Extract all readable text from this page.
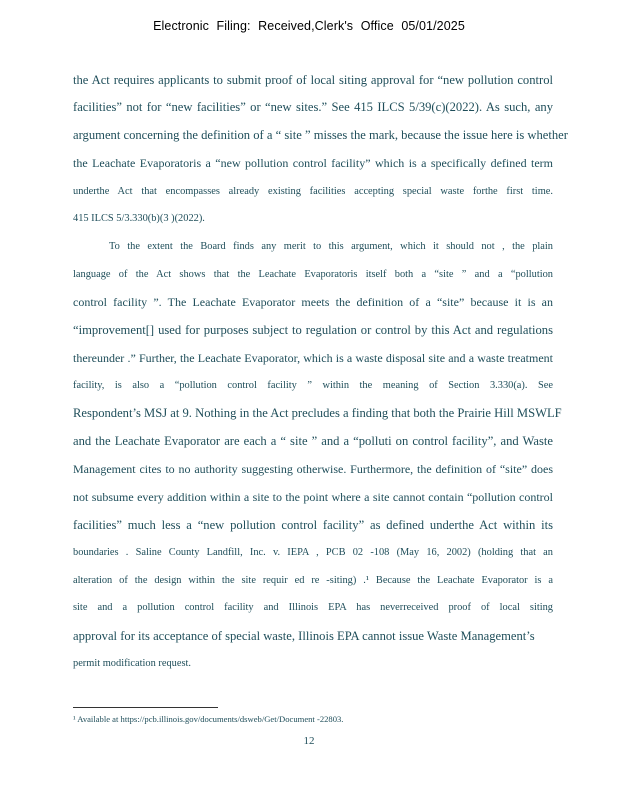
Electronic Filing: Received,Clerk's Office 05/01/2025
the Act requires applicants to submit proof of local siting approval for “new pollution control
facilities” not for “new facilities” or “new sites.” See 415 ILCS 5/39(c)(2022). As such, any
argument concerning the definition of a “ site ” misses the mark, because the issue here is whether
the Leachate Evaporatoris a “new pollution control facility” which is a specifically defined term
underthe Act that encompasses already existing facilities accepting special waste forthe first time.
415 ILCS 5/3.330(b)(3 )(2022).
To the extent the Board finds any merit to this argument, which it should not , the plain
language of the Act shows that the Leachate Evaporatoris itself both a “site ” and a “pollution
control facility ”. The Leachate Evaporator meets the definition of a “site” because it is an
“improvement[] used for purposes subject to regulation or control by this Act and regulations
thereunder .” Further, the Leachate Evaporator, which is a waste disposal site and a waste treatment
facility, is also a “pollution control facility ” within the meaning of Section 3.330(a). See
Respondent’s MSJ at 9. Nothing in the Act precludes a finding that both the Prairie Hill MSWLF
and the Leachate Evaporator are each a “ site ” and a “polluti on control facility”, and Waste
Management cites to no authority suggesting otherwise. Furthermore, the definition of “site” does
not subsume every addition within a site to the point where a site cannot contain “pollution control
facilities” much less a “new pollution control facility” as defined underthe Act within its
boundaries . Saline County Landfill, Inc. v. IEPA , PCB 02 -108 (May 16, 2002) (holding that an
alteration of the design within the site requir ed re -siting) .¹ Because the Leachate Evaporator is a
site and a pollution control facility and Illinois EPA has neverreceived proof of local siting
approval for its acceptance of special waste, Illinois EPA cannot issue Waste Management’s
permit modification request.
¹ Available at https://pcb.illinois.gov/documents/dsweb/Get/Document -22803.
12
